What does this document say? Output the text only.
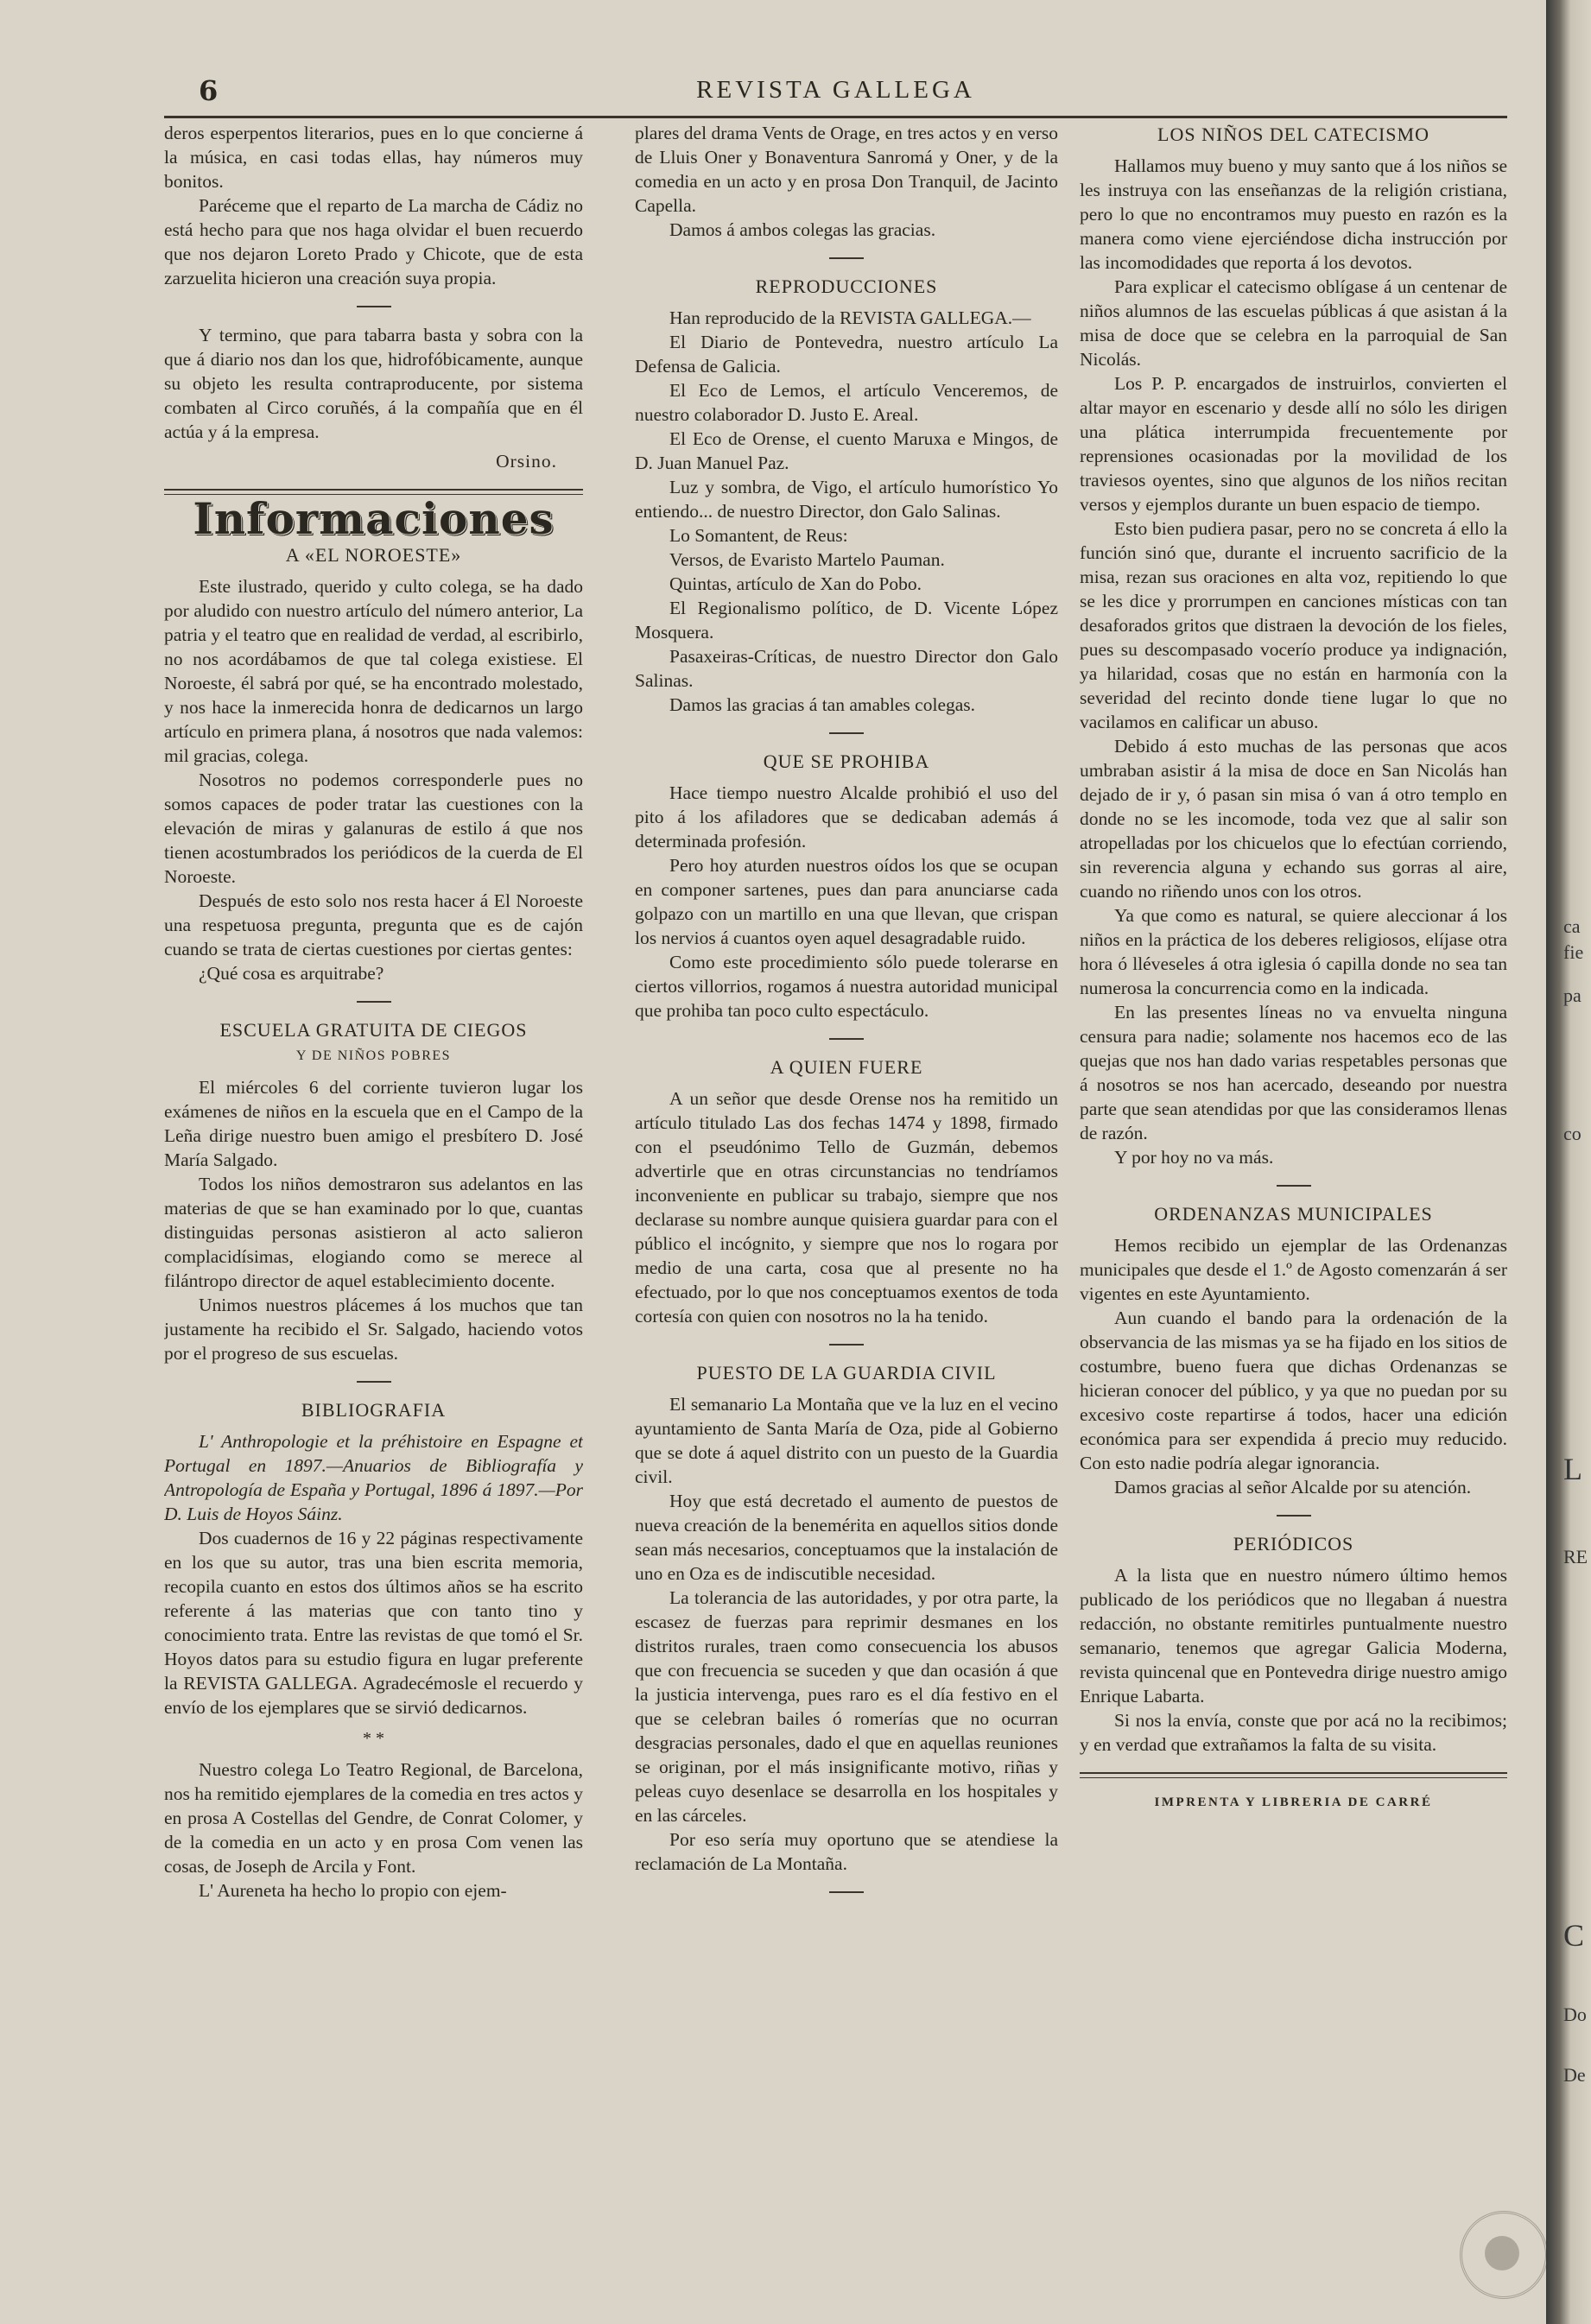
6	REVISTA GALLEGA

deros esperpentos literarios, pues en lo que concierne á la música, en casi todas ellas, hay números muy bonitos.

Paréceme que el reparto de La marcha de Cádiz no está hecho para que nos haga olvidar el buen recuerdo que nos dejaron Loreto Prado y Chicote, que de esta zarzuelita hicieron una creación suya propia.

Y termino, que para tabarra basta y sobra con la que á diario nos dan los que, hidrofóbicamente, aunque su objeto les resulta contraproducente, por sistema combaten al Circo coruñés, á la compañía que en él actúa y á la empresa.

Orsino.
Informaciones
A «EL NOROESTE»

Este ilustrado, querido y culto colega, se ha dado por aludido con nuestro artículo del número anterior, La patria y el teatro que en realidad de verdad, al escribirlo, no nos acordábamos de que tal colega existiese. El Noroeste, él sabrá por qué, se ha encontrado molestado, y nos hace la inmerecida honra de dedicarnos un largo artículo en primera plana, á nosotros que nada valemos: mil gracias, colega.

Nosotros no podemos corresponderle pues no somos capaces de poder tratar las cuestiones con la elevación de miras y galanuras de estilo á que nos tienen acostumbrados los periódicos de la cuerda de El Noroeste.

Después de esto solo nos resta hacer á El Noroeste una respetuosa pregunta, pregunta que es de cajón cuando se trata de ciertas cuestiones por ciertas gentes:

¿Qué cosa es arquitrabe?

ESCUELA GRATUITA DE CIEGOS
Y DE NIÑOS POBRES

El miércoles 6 del corriente tuvieron lugar los exámenes de niños en la escuela que en el Campo de la Leña dirige nuestro buen amigo el presbítero D. José María Salgado.

Todos los niños demostraron sus adelantos en las materias de que se han examinado por lo que, cuantas distinguidas personas asistieron al acto salieron complacidísimas, elogiando como se merece al filántropo director de aquel establecimiento docente.

Unimos nuestros plácemes á los muchos que tan justamente ha recibido el Sr. Salgado, haciendo votos por el progreso de sus escuelas.

BIBLIOGRAFIA

L' Anthropologie et la préhistoire en Espagne et Portugal en 1897.—Anuarios de Bibliografía y Antropología de España y Portugal, 1896 á 1897.—Por D. Luis de Hoyos Sáinz.

Dos cuadernos de 16 y 22 páginas respectivamente en los que su autor, tras una bien escrita memoria, recopila cuanto en estos dos últimos años se ha escrito referente á las materias que con tanto tino y conocimiento trata. Entre las revistas de que tomó el Sr. Hoyos datos para su estudio figura en lugar preferente la REVISTA GALLEGA. Agradecémosle el recuerdo y envío de los ejemplares que se sirvió dedicarnos.

* *

Nuestro colega Lo Teatro Regional, de Barcelona, nos ha remitido ejemplares de la comedia en tres actos y en prosa A Costellas del Gendre, de Conrat Colomer, y de la comedia en un acto y en prosa Com venen las cosas, de Joseph de Arcila y Font.

L' Aureneta ha hecho lo propio con ejem-

plares del drama Vents de Orage, en tres actos y en verso de Lluis Oner y Bonaventura Sanromá y Oner, y de la comedia en un acto y en prosa Don Tranquil, de Jacinto Capella.

Damos á ambos colegas las gracias.

REPRODUCCIONES

Han reproducido de la REVISTA GALLEGA.—

El Diario de Pontevedra, nuestro artículo La Defensa de Galicia.

El Eco de Lemos, el artículo Venceremos, de nuestro colaborador D. Justo E. Areal.

El Eco de Orense, el cuento Maruxa e Mingos, de D. Juan Manuel Paz.

Luz y sombra, de Vigo, el artículo humorístico Yo entiendo... de nuestro Director, don Galo Salinas.

Lo Somantent, de Reus:

Versos, de Evaristo Martelo Pauman.

Quintas, artículo de Xan do Pobo.

El Regionalismo político, de D. Vicente López Mosquera.

Pasaxeiras-Críticas, de nuestro Director don Galo Salinas.

Damos las gracias á tan amables colegas.

QUE SE PROHIBA

Hace tiempo nuestro Alcalde prohibió el uso del pito á los afiladores que se dedicaban además á determinada profesión.

Pero hoy aturden nuestros oídos los que se ocupan en componer sartenes, pues dan para anunciarse cada golpazo con un martillo en una que llevan, que crispan los nervios á cuantos oyen aquel desagradable ruido.

Como este procedimiento sólo puede tolerarse en ciertos villorrios, rogamos á nuestra autoridad municipal que prohiba tan poco culto espectáculo.

A QUIEN FUERE

A un señor que desde Orense nos ha remitido un artículo titulado Las dos fechas 1474 y 1898, firmado con el pseudónimo Tello de Guzmán, debemos advertirle que en otras circunstancias no tendríamos inconveniente en publicar su trabajo, siempre que nos declarase su nombre aunque quisiera guardar para con el público el incógnito, y siempre que nos lo rogara por medio de una carta, cosa que al presente no ha efectuado, por lo que nos conceptuamos exentos de toda cortesía con quien con nosotros no la ha tenido.

PUESTO DE LA GUARDIA CIVIL

El semanario La Montaña que ve la luz en el vecino ayuntamiento de Santa María de Oza, pide al Gobierno que se dote á aquel distrito con un puesto de la Guardia civil.

Hoy que está decretado el aumento de puestos de nueva creación de la benemérita en aquellos sitios donde sean más necesarios, conceptuamos que la instalación de uno en Oza es de indiscutible necesidad.

La tolerancia de las autoridades, y por otra parte, la escasez de fuerzas para reprimir desmanes en los distritos rurales, traen como consecuencia los abusos que con frecuencia se suceden y que dan ocasión á que la justicia intervenga, pues raro es el día festivo en el que se celebran bailes ó romerías que no ocurran desgracias personales, dado el que en aquellas reuniones se originan, por el más insignificante motivo, riñas y peleas cuyo desenlace se desarrolla en los hospitales y en las cárceles.

Por eso sería muy oportuno que se atendiese la reclamación de La Montaña.

LOS NIÑOS DEL CATECISMO

Hallamos muy bueno y muy santo que á los niños se les instruya con las enseñanzas de la religión cristiana, pero lo que no encontramos muy puesto en razón es la manera como viene ejerciéndose dicha instrucción por las incomodidades que reporta á los devotos.

Para explicar el catecismo oblígase á un centenar de niños alumnos de las escuelas públicas á que asistan á la misa de doce que se celebra en la parroquial de San Nicolás.

Los P. P. encargados de instruirlos, convierten el altar mayor en escenario y desde allí no sólo les dirigen una plática interrumpida frecuentemente por reprensiones ocasionadas por la movilidad de los traviesos oyentes, sino que algunos de los niños recitan versos y ejemplos durante un buen espacio de tiempo.

Esto bien pudiera pasar, pero no se concreta á ello la función sinó que, durante el incruento sacrificio de la misa, rezan sus oraciones en alta voz, repitiendo lo que se les dice y prorrumpen en canciones místicas con tan desaforados gritos que distraen la devoción de los fieles, pues su descompasado vocerío produce ya indignación, ya hilaridad, cosas que no están en harmonía con la severidad del recinto donde tiene lugar lo que no vacilamos en calificar un abuso.

Debido á esto muchas de las personas que acos umbraban asistir á la misa de doce en San Nicolás han dejado de ir y, ó pasan sin misa ó van á otro templo en donde no se les incomode, toda vez que al salir son atropelladas por los chicuelos que lo efectúan corriendo, sin reverencia alguna y echando sus gorras al aire, cuando no riñendo unos con los otros.

Ya que como es natural, se quiere aleccionar á los niños en la práctica de los deberes religiosos, elíjase otra hora ó lléveseles á otra iglesia ó capilla donde no sea tan numerosa la concurrencia como en la indicada.

En las presentes líneas no va envuelta ninguna censura para nadie; solamente nos hacemos eco de las quejas que nos han dado varias respetables personas que á nosotros se nos han acercado, deseando por nuestra parte que sean atendidas por que las consideramos llenas de razón.

Y por hoy no va más.

ORDENANZAS MUNICIPALES

Hemos recibido un ejemplar de las Ordenanzas municipales que desde el 1.º de Agosto comenzarán á ser vigentes en este Ayuntamiento.

Aun cuando el bando para la ordenación de la observancia de las mismas ya se ha fijado en los sitios de costumbre, bueno fuera que dichas Ordenanzas se hicieran conocer del público, y ya que no puedan por su excesivo coste repartirse á todos, hacer una edición económica para ser expendida á precio muy reducido. Con esto nadie podría alegar ignorancia.

Damos gracias al señor Alcalde por su atención.

PERIÓDICOS

A la lista que en nuestro número último hemos publicado de los periódicos que no llegaban á nuestra redacción, no obstante remitirles puntualmente nuestro semanario, tenemos que agregar Galicia Moderna, revista quincenal que en Pontevedra dirige nuestro amigo Enrique Labarta.

Si nos la envía, conste que por acá no la recibimos; y en verdad que extrañamos la falta de su visita.

IMPRENTA Y LIBRERIA DE CARRÉ
ca
fie
pa
co
L
RE
C
Do
De
